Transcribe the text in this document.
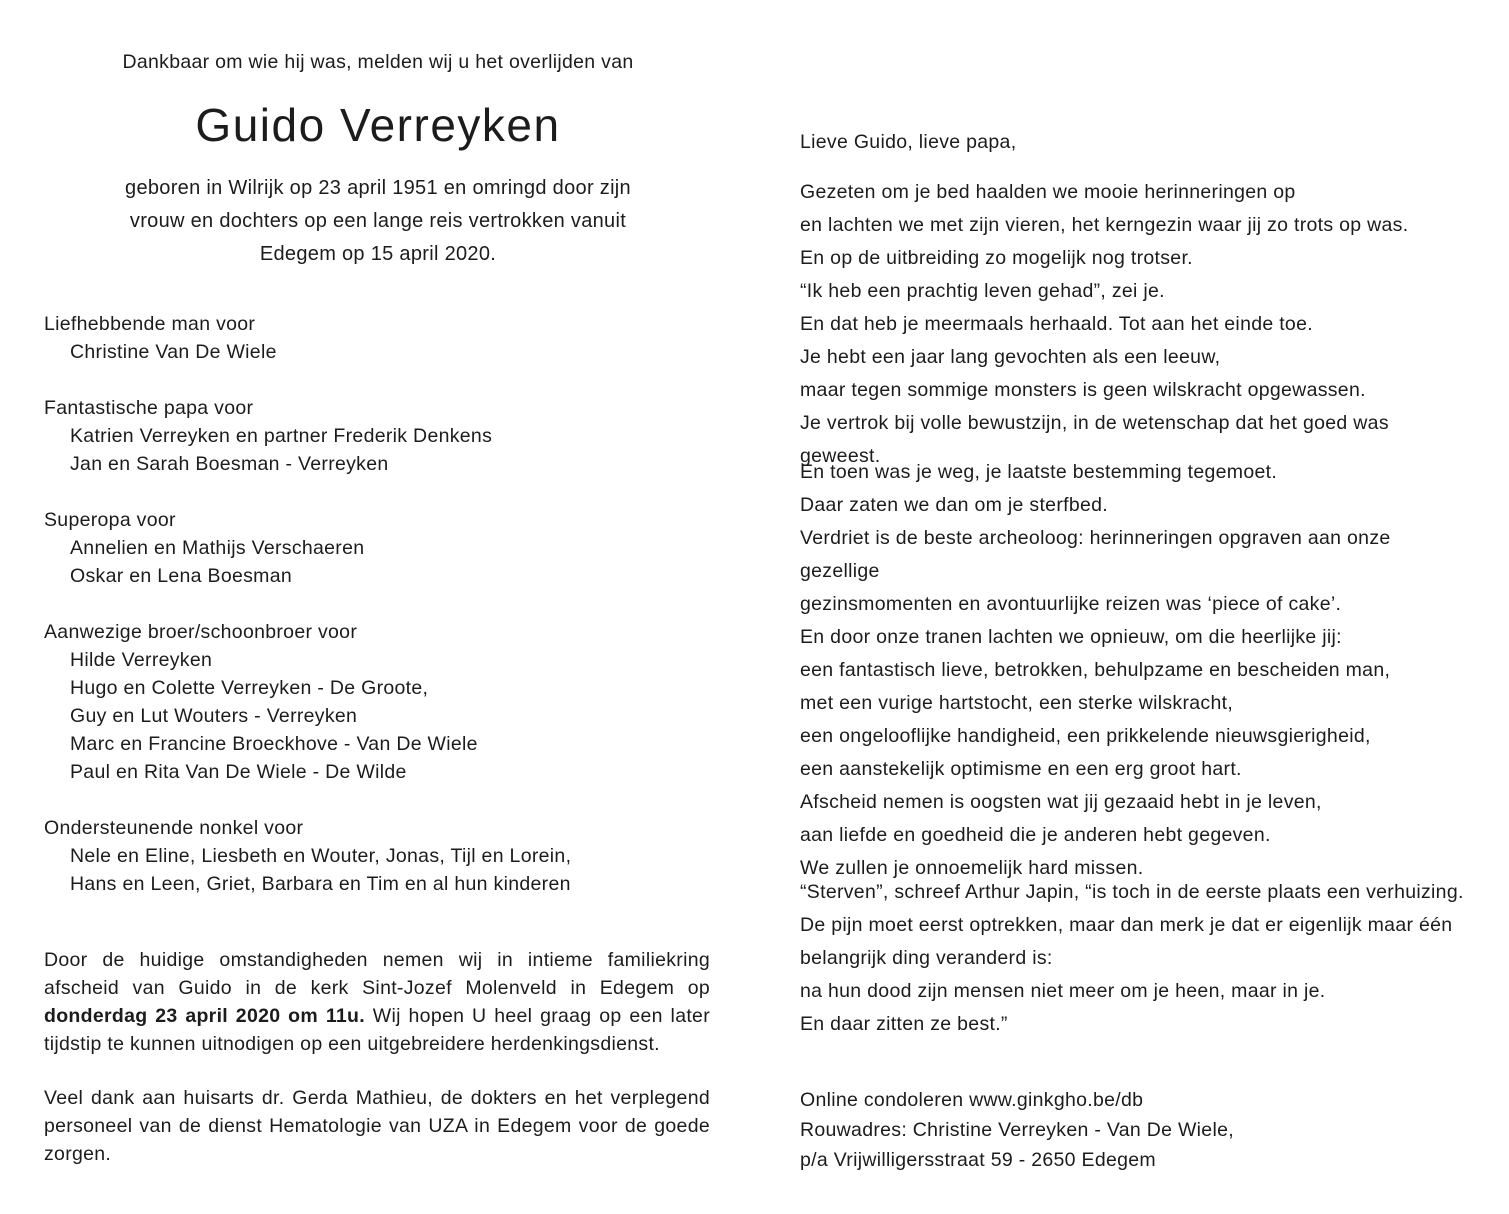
Dankbaar om wie hij was, melden wij u het overlijden van
Guido Verreyken
geboren in Wilrijk op 23 april 1951 en omringd door zijn
vrouw en dochters op een lange reis vertrokken vanuit
Edegem op 15 april 2020.
Liefhebbende man voor
Christine Van De Wiele
Fantastische papa voor
Katrien Verreyken en partner Frederik Denkens
Jan en Sarah Boesman - Verreyken
Superopa voor
Annelien en Mathijs Verschaeren
Oskar en Lena Boesman
Aanwezige broer/schoonbroer voor
Hilde Verreyken
Hugo en Colette Verreyken - De Groote,
Guy en Lut Wouters - Verreyken
Marc en Francine Broeckhove - Van De Wiele
Paul en Rita Van De Wiele - De Wilde
Ondersteunende nonkel voor
Nele en Eline, Liesbeth en Wouter, Jonas, Tijl en Lorein,
Hans en Leen, Griet, Barbara en Tim en al hun kinderen
Door de huidige omstandigheden nemen wij in intieme familiekring afscheid van Guido in de kerk Sint-Jozef Molenveld in Edegem op donderdag 23 april 2020 om 11u. Wij hopen U heel graag op een later tijdstip te kunnen uitnodigen op een uitgebreidere herdenkingsdienst.
Veel dank aan huisarts dr. Gerda Mathieu, de dokters en het verplegend personeel van de dienst Hematologie van UZA in Edegem voor de goede zorgen.
Lieve Guido, lieve papa,
Gezeten om je bed haalden we mooie herinneringen op
en lachten we met zijn vieren, het kerngezin waar jij zo trots op was.
En op de uitbreiding zo mogelijk nog trotser.
“Ik heb een prachtig leven gehad”, zei je.
En dat heb je meermaals herhaald. Tot aan het einde toe.
Je hebt een jaar lang gevochten als een leeuw,
maar tegen sommige monsters is geen wilskracht opgewassen.
Je vertrok bij volle bewustzijn, in de wetenschap dat het goed was geweest.
En toen was je weg, je laatste bestemming tegemoet.
Daar zaten we dan om je sterfbed.
Verdriet is de beste archeoloog: herinneringen opgraven aan onze gezellige
gezinsmomenten en avontuurlijke reizen was ‘piece of cake’.
En door onze tranen lachten we opnieuw, om die heerlijke jij:
een fantastisch lieve, betrokken, behulpzame en bescheiden man,
met een vurige hartstocht, een sterke wilskracht,
een ongelooflijke handigheid, een prikkelende nieuwsgierigheid,
een aanstekelijk optimisme en een erg groot hart.
Afscheid nemen is oogsten wat jij gezaaid hebt in je leven,
aan liefde en goedheid die je anderen hebt gegeven.
We zullen je onnoemelijk hard missen.
“Sterven”, schreef Arthur Japin, “is toch in de eerste plaats een verhuizing.
De pijn moet eerst optrekken, maar dan merk je dat er eigenlijk maar één
belangrijk ding veranderd is:
na hun dood zijn mensen niet meer om je heen, maar in je.
En daar zitten ze best.”
Online condoleren www.ginkgho.be/db
Rouwadres: Christine Verreyken - Van De Wiele,
p/a Vrijwilligersstraat 59 - 2650 Edegem
